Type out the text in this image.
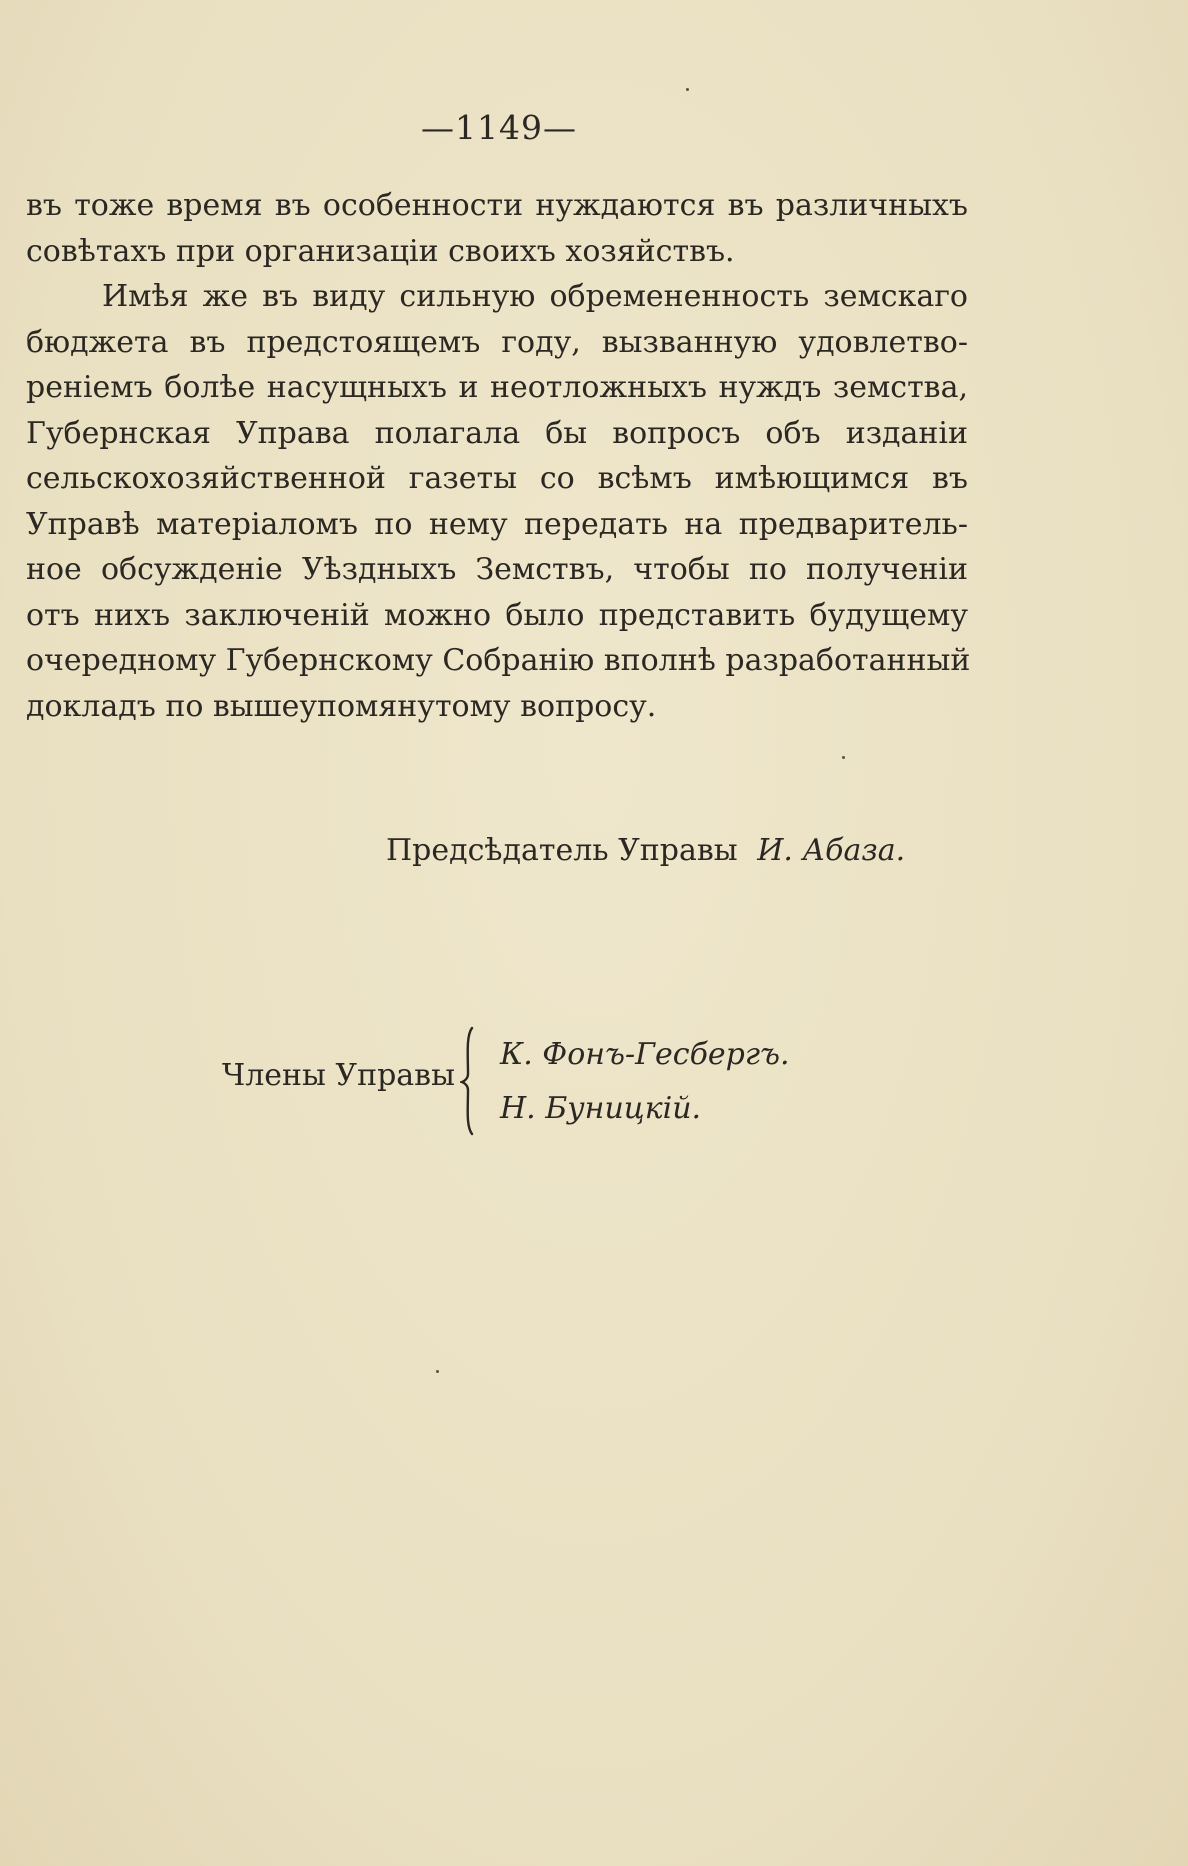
—1149—
въ тоже время въ особенности нуждаются въ различныхъ
совѣтахъ при организаціи своихъ хозяйствъ.
Имѣя же въ виду сильную обремененность земскаго
бюджета въ предстоящемъ году, вызванную удовлетво-
реніемъ болѣе насущныхъ и неотложныхъ нуждъ земства,
Губернская Управа полагала бы вопросъ объ изданіи
сельскохозяйственной газеты со всѣмъ имѣющимся въ
Управѣ матеріаломъ по нему передать на предваритель-
ное обсужденіе Уѣздныхъ Земствъ, чтобы по полученіи
отъ нихъ заключеній можно было представить будущему
очередному Губернскому Собранію вполнѣ разработанный
докладъ по вышеупомянутому вопросу.
Предсѣдатель Управы И. Абаза.
Члены Управы
К. Фонъ-Гесбергъ.
Н. Буницкій.
